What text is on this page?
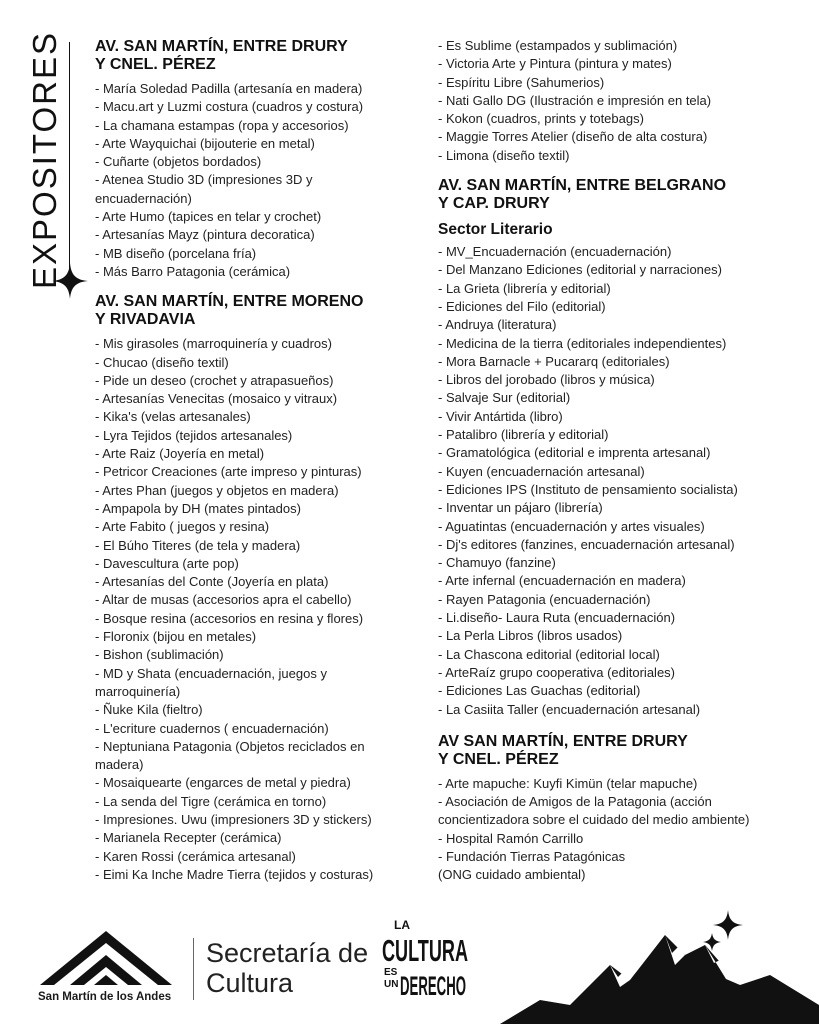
EXPOSITORES AV. SAN MARTÍN, ENTRE DRURY
Y CNEL. PÉREZ
- María Soledad Padilla (artesanía en madera)
- Macu.art y Luzmi costura (cuadros y costura)
- La chamana estampas (ropa y accesorios)
- Arte Wayquichai (bijouterie en metal)
- Cuñarte (objetos bordados)
- Atenea Studio 3D (impresiones 3D y
encuadernación)
- Arte Humo (tapices en telar y crochet)
- Artesanías Mayz (pintura decoratica)
- MB diseño (porcelana fría)
- Más Barro Patagonia (cerámica)
AV. SAN MARTÍN, ENTRE MORENO
Y RIVADAVIA
- Mis girasoles (marroquinería y cuadros)
- Chucao (diseño textil)
- Pide un deseo (crochet y atrapasueños)
- Artesanías Venecitas (mosaico y vitraux)
- Kika's (velas artesanales)
- Lyra Tejidos (tejidos artesanales)
- Arte Raiz (Joyería en metal)
- Petricor Creaciones (arte impreso y pinturas)
- Artes Phan (juegos y objetos en madera)
- Ampapola by DH (mates pintados)
- Arte Fabito ( juegos y resina)
- El Búho Titeres (de tela y madera)
- Davescultura (arte pop)
- Artesanías del Conte (Joyería en plata)
- Altar de musas (accesorios apra el cabello)
- Bosque resina (accesorios en resina y flores)
- Floronix (bijou en metales)
- Bishon (sublimación)
- MD y Shata (encuadernación, juegos y
marroquinería)
- Ñuke Kila (fieltro)
- L'ecriture cuadernos ( encuadernación)
- Neptuniana Patagonia (Objetos reciclados en
madera)
- Mosaiquearte (engarces de metal y piedra)
- La senda del Tigre (cerámica en torno)
- Impresiones. Uwu (impresioners 3D y stickers)
- Marianela Recepter (cerámica)
- Karen Rossi (cerámica artesanal)
- Eimi Ka Inche Madre Tierra (tejidos y costuras)
- Es Sublime (estampados y sublimación)
- Victoria Arte y Pintura (pintura y mates)
- Espíritu Libre (Sahumerios)
- Nati Gallo DG (Ilustración e impresión en tela)
- Kokon (cuadros, prints y totebags)
- Maggie Torres Atelier (diseño de alta costura)
- Limona (diseño textil)
AV. SAN MARTÍN, ENTRE BELGRANO
Y CAP. DRURY
Sector Literario
- MV_Encuadernación (encuadernación)
- Del Manzano Ediciones (editorial y narraciones)
- La Grieta (librería y editorial)
- Ediciones del Filo (editorial)
- Andruya (literatura)
- Medicina de la tierra (editoriales independientes)
- Mora Barnacle + Pucararq (editoriales)
- Libros del jorobado (libros y música)
- Salvaje Sur (editorial)
- Vivir Antártida (libro)
- Patalibro (librería y editorial)
- Gramatológica (editorial e imprenta artesanal)
- Kuyen (encuadernación artesanal)
- Ediciones IPS (Instituto de pensamiento socialista)
- Inventar un pájaro (librería)
- Aguatintas (encuadernación y artes visuales)
- Dj's editores (fanzines, encuadernación artesanal)
- Chamuyo (fanzine)
- Arte infernal (encuadernación en madera)
- Rayen Patagonia (encuadernación)
- Li.diseño- Laura Ruta (encuadernación)
- La Perla Libros (libros usados)
- La Chascona editorial (editorial local)
- ArteRaíz grupo cooperativa (editoriales)
- Ediciones Las Guachas (editorial)
- La Casiita Taller (encuadernación artesanal)
AV SAN MARTÍN, ENTRE DRURY
Y CNEL. PÉREZ
- Arte mapuche: Kuyfi Kimün (telar mapuche)
- Asociación de Amigos de la Patagonia (acción
concientizadora sobre el cuidado del medio ambiente)
- Hospital Ramón Carrillo
- Fundación Tierras Patagónicas
(ONG cuidado ambiental)
San Martín de los Andes
Secretaría de
Cultura
LA
CULTURA
ES
UN DERECHO
